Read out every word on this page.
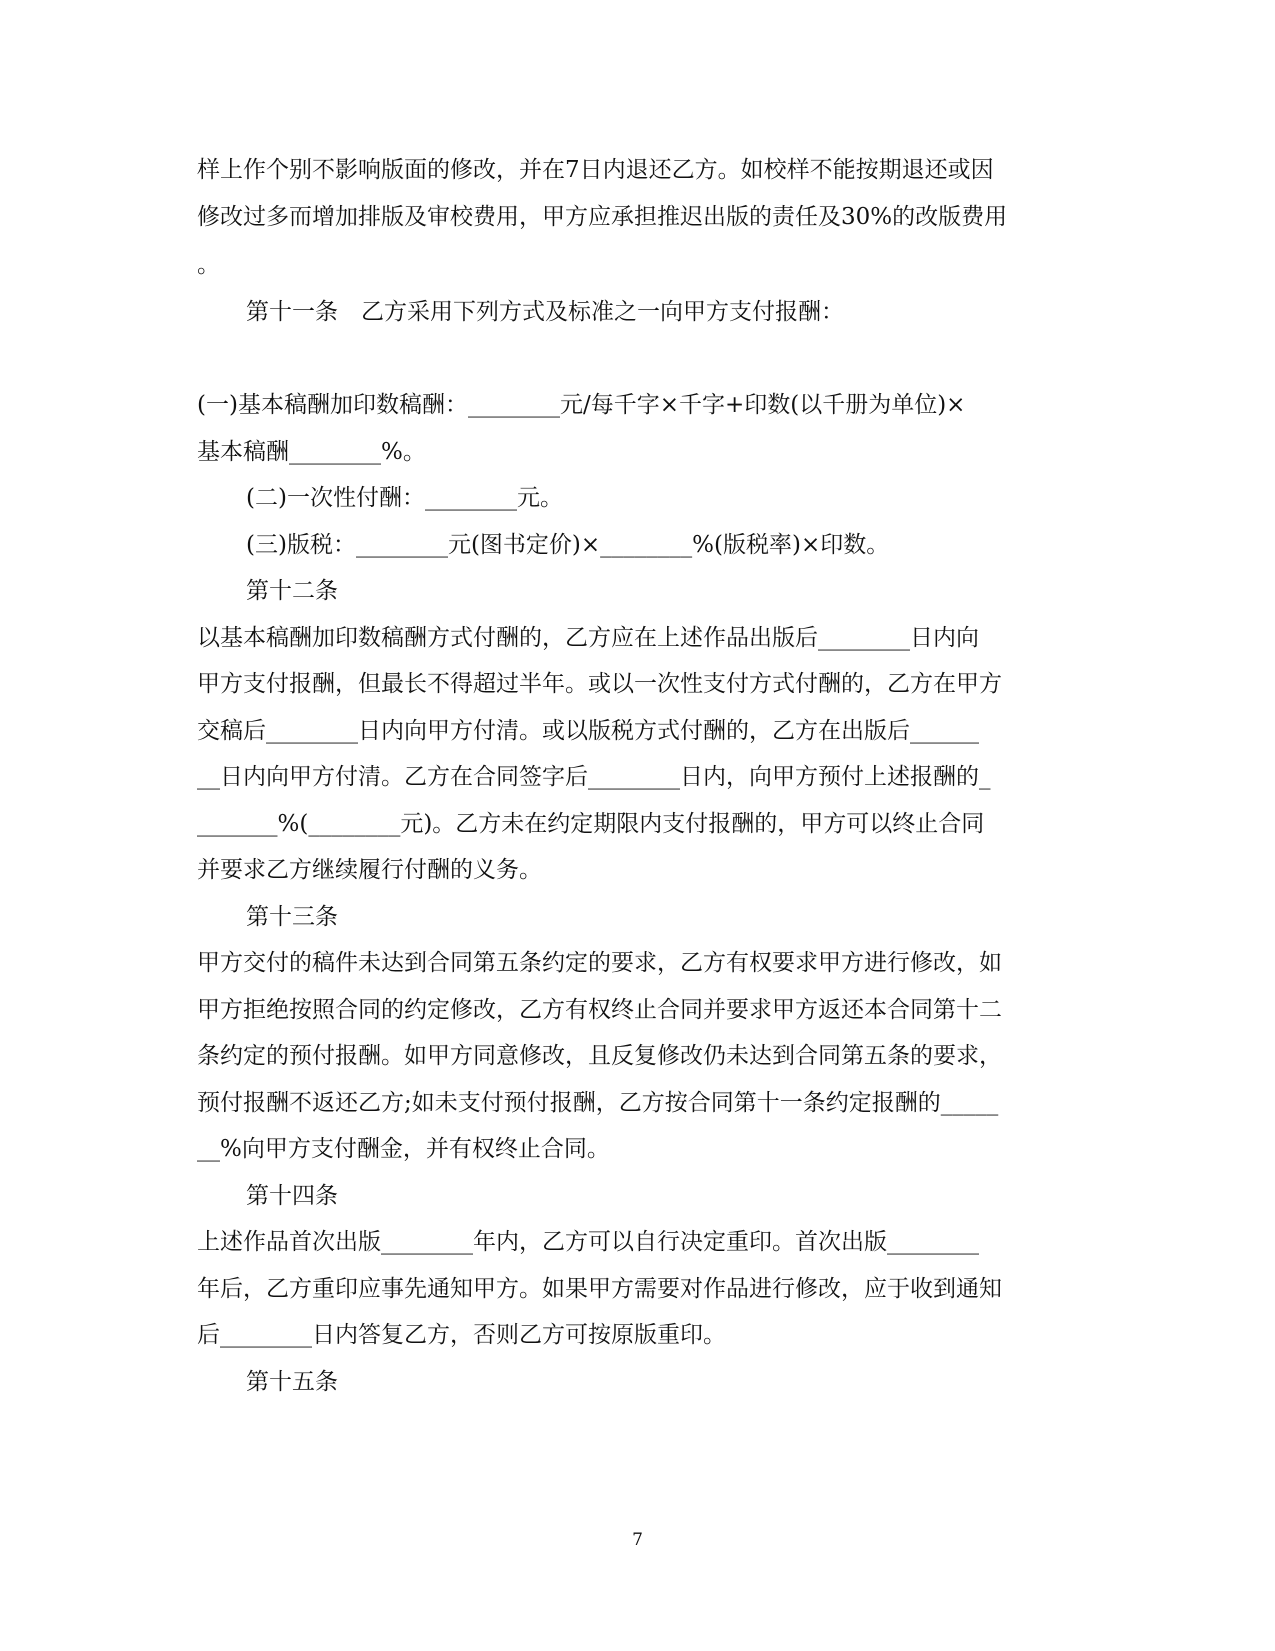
样上作个别不影响版面的修改，并在7日内退还乙方。如校样不能按期退还或因
修改过多而增加排版及审校费用，甲方应承担推迟出版的责任及30%的改版费用
。
第十一条　乙方采用下列方式及标准之一向甲方支付报酬：
(一)基本稿酬加印数稿酬：________元/每千字×千字+印数(以千册为单位)×
基本稿酬________%。
(二)一次性付酬：________元。
(三)版税：________元(图书定价)×________%(版税率)×印数。
第十二条
以基本稿酬加印数稿酬方式付酬的，乙方应在上述作品出版后________日内向
甲方支付报酬，但最长不得超过半年。或以一次性支付方式付酬的，乙方在甲方
交稿后________日内向甲方付清。或以版税方式付酬的，乙方在出版后______
__日内向甲方付清。乙方在合同签字后________日内，向甲方预付上述报酬的_
_______%(________元)。乙方未在约定期限内支付报酬的，甲方可以终止合同
并要求乙方继续履行付酬的义务。
第十三条
甲方交付的稿件未达到合同第五条约定的要求，乙方有权要求甲方进行修改，如
甲方拒绝按照合同的约定修改，乙方有权终止合同并要求甲方返还本合同第十二
条约定的预付报酬。如甲方同意修改，且反复修改仍未达到合同第五条的要求，
预付报酬不返还乙方;如未支付预付报酬，乙方按合同第十一条约定报酬的_____
__%向甲方支付酬金，并有权终止合同。
第十四条
上述作品首次出版________年内，乙方可以自行决定重印。首次出版________
年后，乙方重印应事先通知甲方。如果甲方需要对作品进行修改，应于收到通知
后________日内答复乙方，否则乙方可按原版重印。
第十五条
7
